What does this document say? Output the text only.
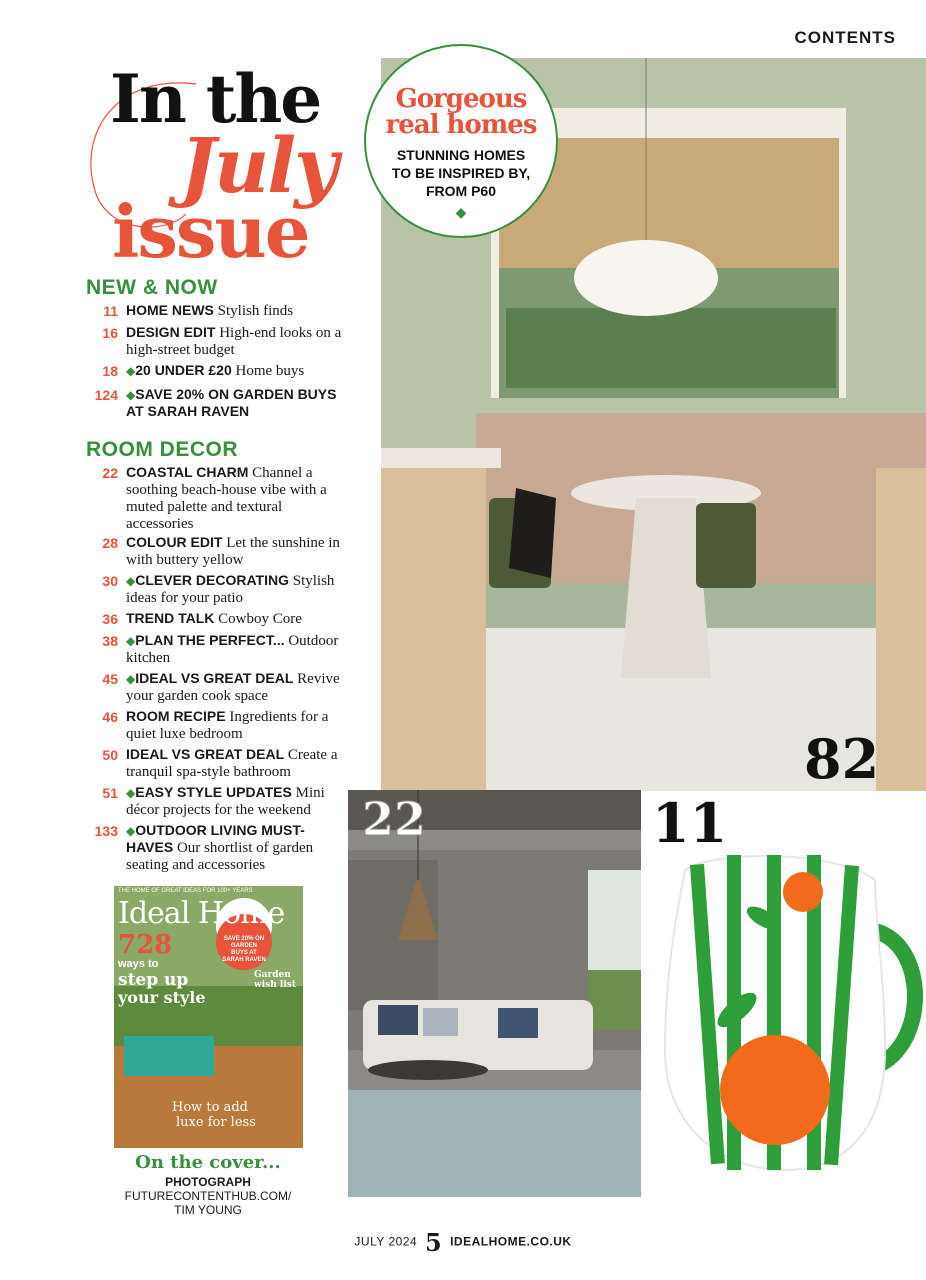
CONTENTS
In the
July
issue
NEW & NOW
11 HOME NEWS Stylish finds
16 DESIGN EDIT High-end looks on a high-street budget
18 ◆20 UNDER £20 Home buys
124 ◆SAVE 20% ON GARDEN BUYS AT SARAH RAVEN
ROOM DECOR
22 COASTAL CHARM Channel a soothing beach-house vibe with a muted palette and textural accessories
28 COLOUR EDIT Let the sunshine in with buttery yellow
30 ◆CLEVER DECORATING Stylish ideas for your patio
36 TREND TALK Cowboy Core
38 ◆PLAN THE PERFECT... Outdoor kitchen
45 ◆IDEAL VS GREAT DEAL Revive your garden cook space
46 ROOM RECIPE Ingredients for a quiet luxe bedroom
50 IDEAL VS GREAT DEAL Create a tranquil spa-style bathroom
51 ◆EASY STYLE UPDATES Mini décor projects for the weekend
133 ◆OUTDOOR LIVING MUST-HAVES Our shortlist of garden seating and accessories
Gorgeous
real homes
STUNNING HOMES
TO BE INSPIRED BY,
FROM P60
◆
82
22	11
THE HOME OF GREAT IDEAS FOR 100+ YEARS
Ideal Home
728
ways to
step up
your style
SAVE 20% ON GARDEN BUYS AT SARAH RAVEN
Garden wish list
How to add
luxe for less
On the cover...
PHOTOGRAPH FUTURECONTENTHUB.COM/
TIM YOUNG
JULY 2024 5 IDEALHOME.CO.UK
